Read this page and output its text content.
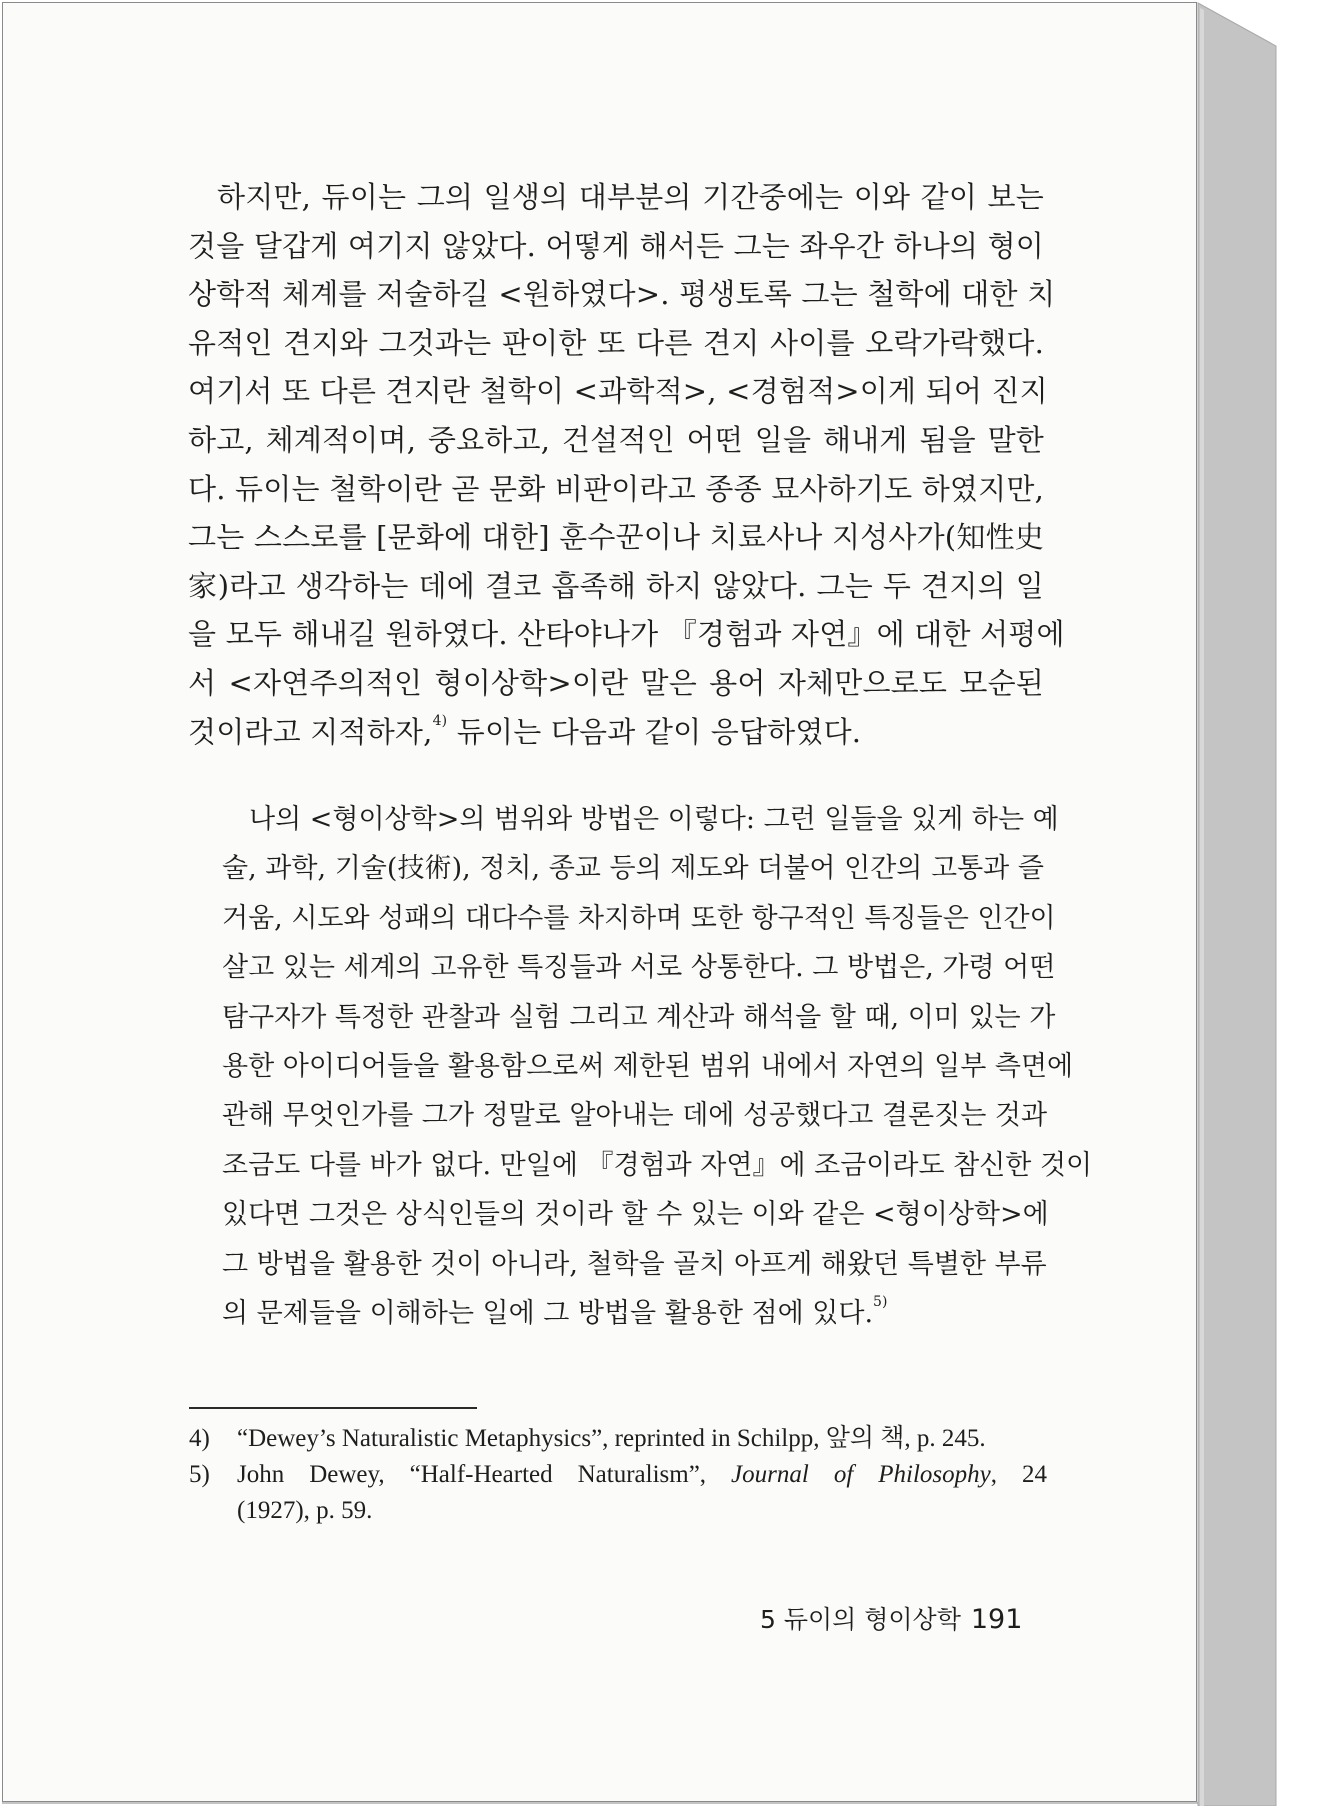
하지만, 듀이는 그의 일생의 대부분의 기간중에는 이와 같이 보는
것을 달갑게 여기지 않았다. 어떻게 해서든 그는 좌우간 하나의 형이
상학적 체계를 저술하길 <원하였다>. 평생토록 그는 철학에 대한 치
유적인 견지와 그것과는 판이한 또 다른 견지 사이를 오락가락했다.
여기서 또 다른 견지란 철학이 <과학적>, <경험적>이게 되어 진지
하고, 체계적이며, 중요하고, 건설적인 어떤 일을 해내게 됨을 말한
다. 듀이는 철학이란 곧 문화 비판이라고 종종 묘사하기도 하였지만,
그는 스스로를 [문화에 대한] 훈수꾼이나 치료사나 지성사가(知性史
家)라고 생각하는 데에 결코 흡족해 하지 않았다. 그는 두 견지의 일
을 모두 해내길 원하였다. 산타야나가 『경험과 자연』에 대한 서평에
서 <자연주의적인 형이상학>이란 말은 용어 자체만으로도 모순된
것이라고 지적하자,$^{4)}$ 듀이는 다음과 같이 응답하였다.
나의 <형이상학>의 범위와 방법은 이렇다: 그런 일들을 있게 하는 예
술, 과학, 기술(技術), 정치, 종교 등의 제도와 더불어 인간의 고통과 즐
거움, 시도와 성패의 대다수를 차지하며 또한 항구적인 특징들은 인간이
살고 있는 세계의 고유한 특징들과 서로 상통한다. 그 방법은, 가령 어떤
탐구자가 특정한 관찰과 실험 그리고 계산과 해석을 할 때, 이미 있는 가
용한 아이디어들을 활용함으로써 제한된 범위 내에서 자연의 일부 측면에
관해 무엇인가를 그가 정말로 알아내는 데에 성공했다고 결론짓는 것과
조금도 다를 바가 없다. 만일에 『경험과 자연』에 조금이라도 참신한 것이
있다면 그것은 상식인들의 것이라 할 수 있는 이와 같은 <형이상학>에
그 방법을 활용한 것이 아니라, 철학을 골치 아프게 해왔던 특별한 부류
의 문제들을 이해하는 일에 그 방법을 활용한 점에 있다.$^{5)}$
4) “Dewey’s Naturalistic Metaphysics”, reprinted in Schilpp, 앞의 책, p. 245.
5) John Dewey, “Half-Hearted Naturalism”, Journal of Philosophy, 24
(1927), p. 59.
5 듀이의 형이상학 191
